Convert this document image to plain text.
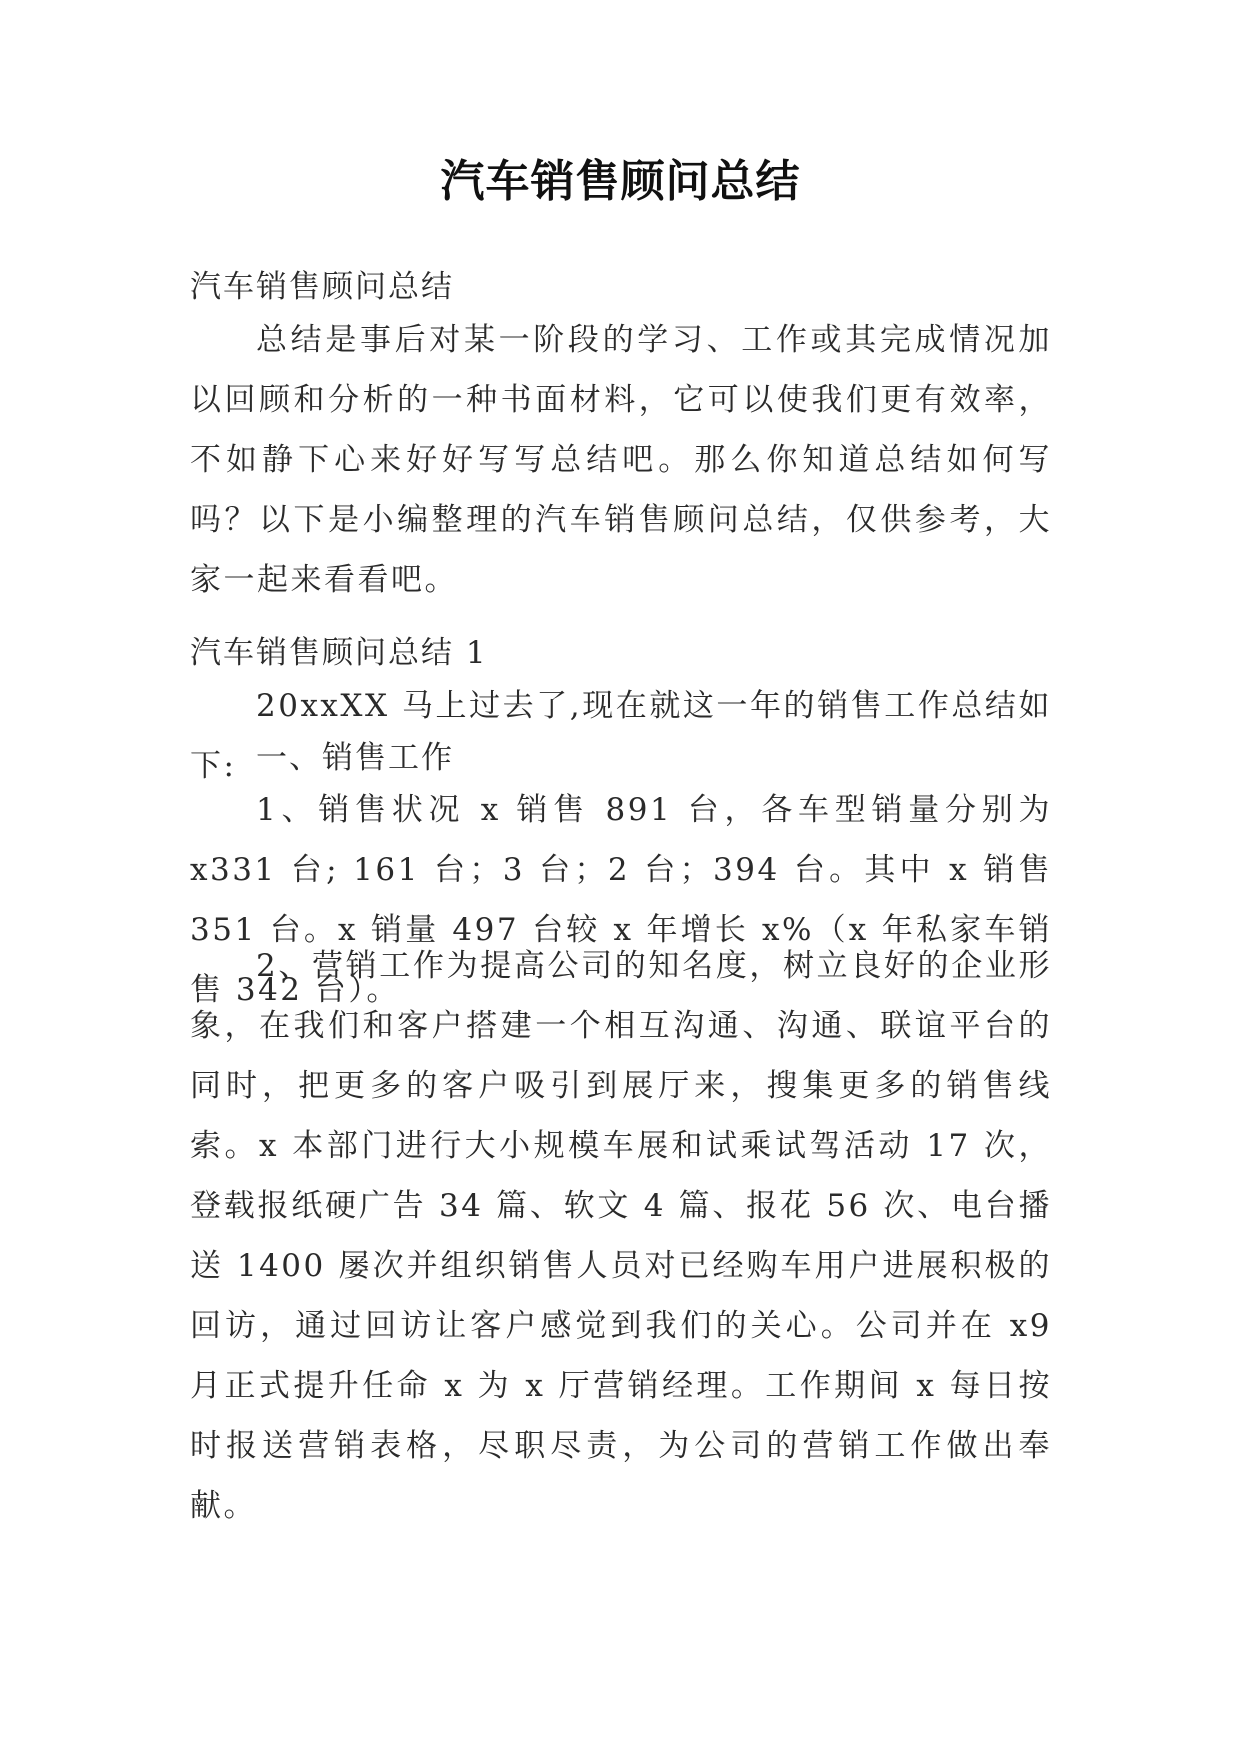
汽车销售顾问总结
汽车销售顾问总结

总结是事后对某一阶段的学习、工作或其完成情况加以回顾和分析的一种书面材料，它可以使我们更有效率，不如静下心来好好写写总结吧。那么你知道总结如何写吗？以下是小编整理的汽车销售顾问总结，仅供参考，大家一起来看看吧。

汽车销售顾问总结 1

20xxXX 马上过去了,现在就这一年的销售工作总结如下: 一、销售工作

1、销售状况 x 销售 891 台，各车型销量分别为 x331 台; 161 台；3 台；2 台；394 台。其中 x 销售 351 台。x 销量 497 台较 x 年增长 x%（x 年私家车销售 342 台）。

2、营销工作为提高公司的知名度，树立良好的企业形象，在我们和客户搭建一个相互沟通、沟通、联谊平台的同时，把更多的客户吸引到展厅来，搜集更多的销售线索。x 本部门进行大小规模车展和试乘试驾活动 17 次，登载报纸硬广告 34 篇、软文 4 篇、报花 56 次、电台播送 1400 屡次并组织销售人员对已经购车用户进展积极的回访，通过回访让客户感觉到我们的关心。公司并在 x9 月正式提升任命 x 为 x 厅营销经理。工作期间 x 每日按时报送营销表格，尽职尽责，为公司的营销工作做出奉献。
